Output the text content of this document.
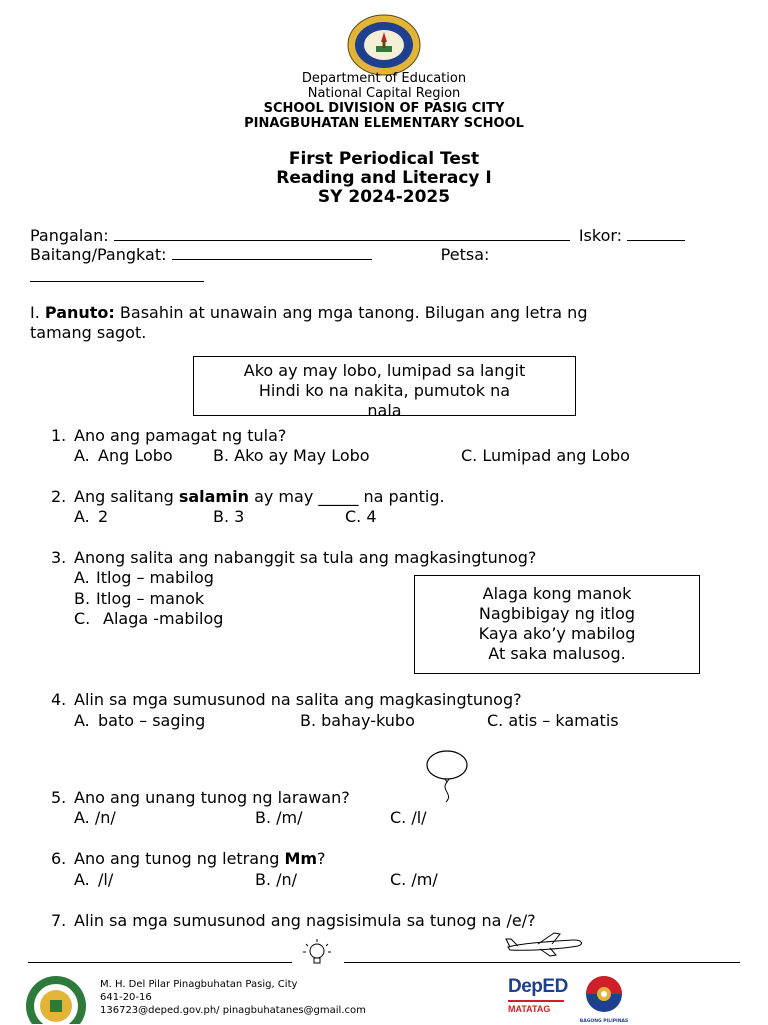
Department of Education
National Capital Region
SCHOOL DIVISION OF PASIG CITY
PINAGBUHATAN ELEMENTARY SCHOOL
First Periodical Test
Reading and Literacy I
SY 2024-2025
Pangalan:	Iskor:
Baitang/Pangkat:	Petsa:
I. Panuto: Basahin at unawain ang mga tanong. Bilugan ang letra ng
tamang sagot.
Ako ay may lobo, lumipad sa langit
Hindi ko na nakita, pumutok na
nala
1. Ano ang pamagat ng tula?
A. Ang Lobo	B. Ako ay May Lobo	C. Lumipad ang Lobo
2. Ang salitang salamin ay may _____ na pantig.
A. 2	B. 3	C. 4
3. Anong salita ang nabanggit sa tula ang magkasingtunog?
A. Itlog – mabilog
B. Itlog – manok
C. Alaga -mabilog
Alaga kong manok
Nagbibigay ng itlog
Kaya ako’y mabilog
At saka malusog.
4. Alin sa mga sumusunod na salita ang magkasingtunog?
A. bato – saging	B. bahay-kubo	C. atis – kamatis
5. Ano ang unang tunog ng larawan?
A. /n/	B. /m/	C. /l/
6. Ano ang tunog ng letrang Mm?
A. /l/	B. /n/	C. /m/
7. Alin sa mga sumusunod ang nagsisimula sa tunog na /e/?
M. H. Del Pilar Pinagbuhatan Pasig, City
641-20-16
136723@deped.gov.ph/ pinagbuhatanes@gmail.com
DepED
MATATAG
BAGONG PILIPINAS
